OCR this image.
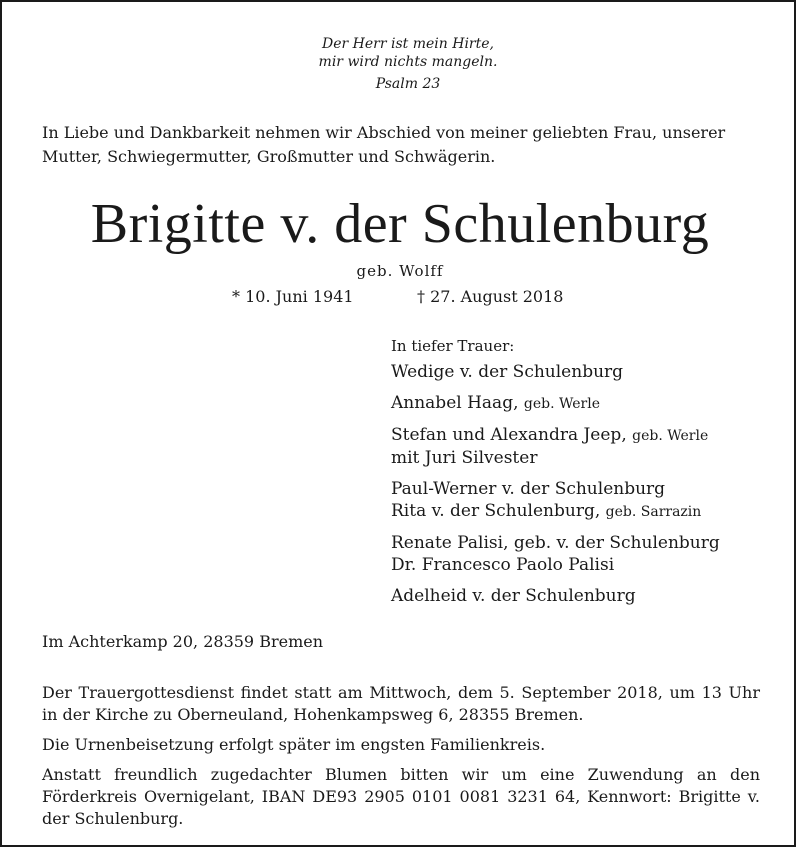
Der Herr ist mein Hirte,
mir wird nichts mangeln.
Psalm 23
In Liebe und Dankbarkeit nehmen wir Abschied von meiner geliebten Frau, unserer Mutter, Schwiegermutter, Großmutter und Schwägerin.
Brigitte v. der Schulenburg
geb. Wolff
* 10. Juni 1941	† 27. August 2018
In tiefer Trauer:
Wedige v. der Schulenburg
Annabel Haag, geb. Werle
Stefan und Alexandra Jeep, geb. Werle
mit Juri Silvester
Paul-Werner v. der Schulenburg
Rita v. der Schulenburg, geb. Sarrazin
Renate Palisi, geb. v. der Schulenburg
Dr. Francesco Paolo Palisi
Adelheid v. der Schulenburg
Im Achterkamp 20, 28359 Bremen

Der Trauergottesdienst findet statt am Mittwoch, dem 5. September 2018, um 13 Uhr in der Kirche zu Oberneuland, Hohenkampsweg 6, 28355 Bremen.

Die Urnenbeisetzung erfolgt später im engsten Familienkreis.

Anstatt freundlich zugedachter Blumen bitten wir um eine Zuwendung an den Förderkreis Overnigelant, IBAN DE93 2905 0101 0081 3231 64, Kennwort: Brigitte v. der Schulenburg.
